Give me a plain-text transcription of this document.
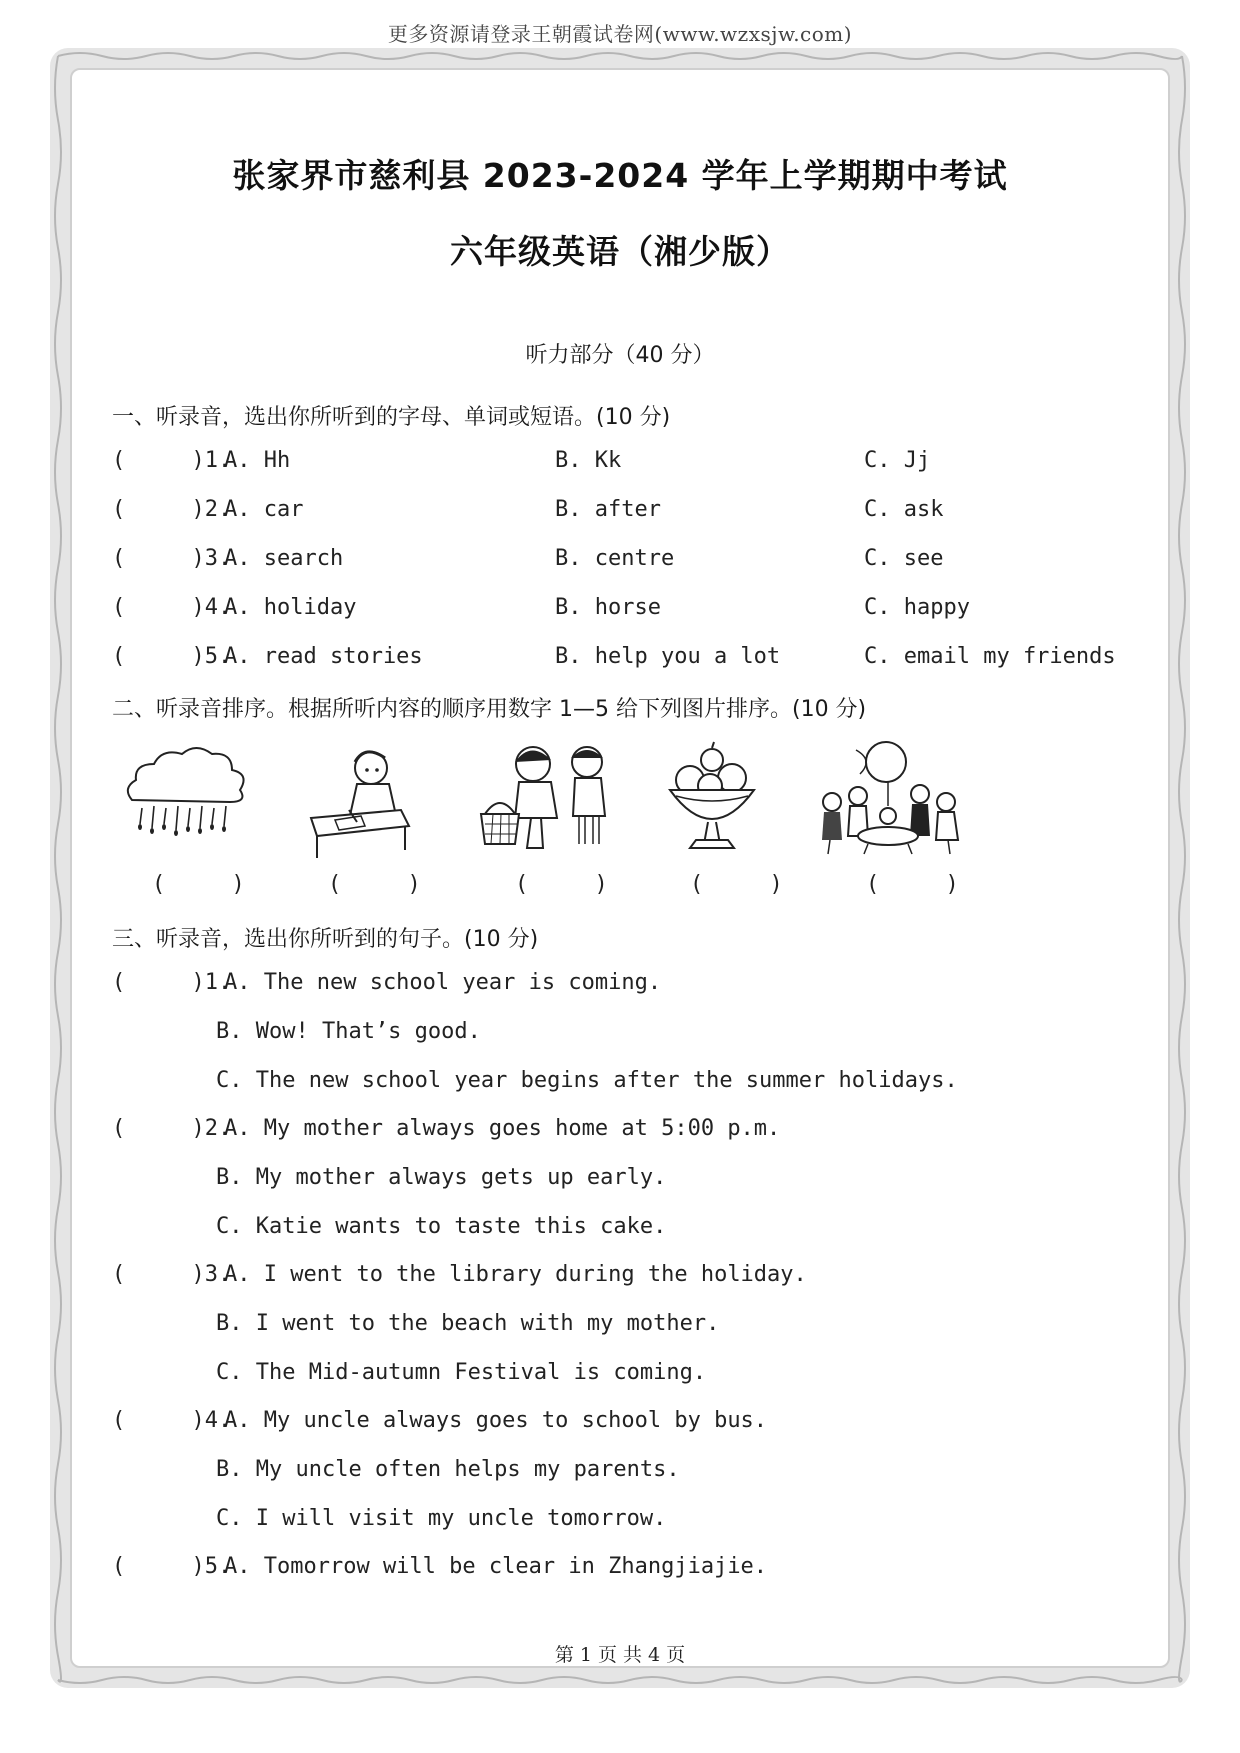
更多资源请登录王朝霞试卷网(www.wzxsjw.com)
张家界市慈利县 2023-2024 学年上学期期中考试
六年级英语（湘少版）
听力部分（40 分）
一、听录音，选出你所听到的字母、单词或短语。(10 分)
(     )1.
A. Hh	B. Kk	C. Jj
(     )2.
A. car	B. after	C. ask
(     )3.
A. search	B. centre	C. see
(     )4.
A. holiday	B. horse	C. happy
(     )5.
A. read stories	B. help you a lot	C. email my friends
二、听录音排序。根据所听内容的顺序用数字 1—5 给下列图片排序。(10 分)
(     )	(     )	(     )	(     )	(     )
三、听录音，选出你所听到的句子。(10 分)
(     )1.
A. The new school year is coming.
B. Wow! That’s good.
C. The new school year begins after the summer holidays.
(     )2.
A. My mother always goes home at 5:00 p.m.
B. My mother always gets up early.
C. Katie wants to taste this cake.
(     )3.
A. I went to the library during the holiday.
B. I went to the beach with my mother.
C. The Mid-autumn Festival is coming.
(     )4.
A. My uncle always goes to school by bus.
B. My uncle often helps my parents.
C. I will visit my uncle tomorrow.
(     )5.
A. Tomorrow will be clear in Zhangjiajie.
第 1 页 共 4 页
